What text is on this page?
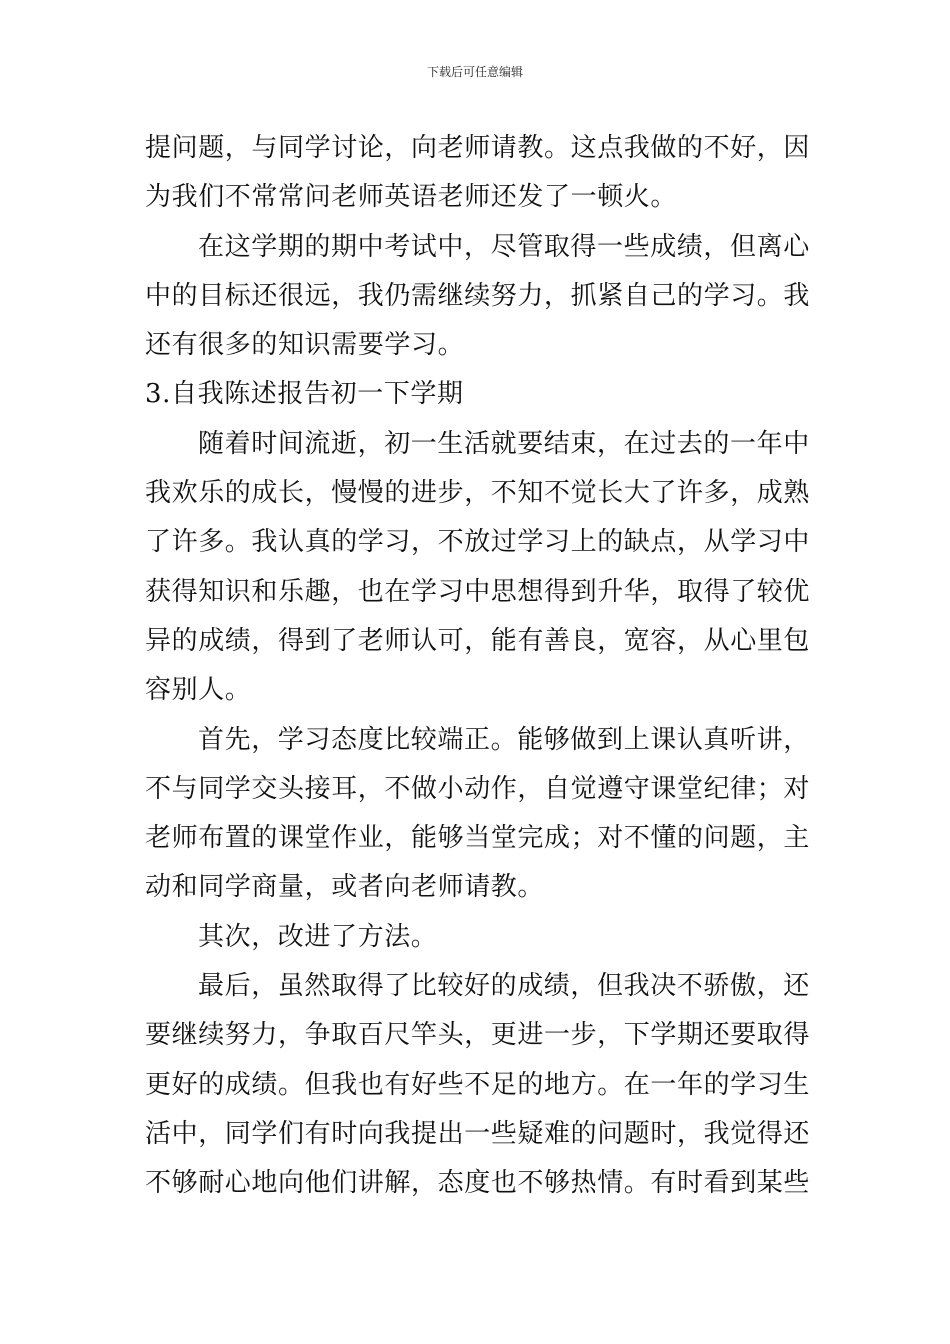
下载后可任意编辑
提问题，与同学讨论，向老师请教。这点我做的不好，因
为我们不常常问老师英语老师还发了一顿火。
在这学期的期中考试中，尽管取得一些成绩，但离心
中的目标还很远，我仍需继续努力，抓紧自己的学习。我
还有很多的知识需要学习。
3.自我陈述报告初一下学期
随着时间流逝，初一生活就要结束，在过去的一年中
我欢乐的成长，慢慢的进步，不知不觉长大了许多，成熟
了许多。我认真的学习，不放过学习上的缺点，从学习中
获得知识和乐趣，也在学习中思想得到升华，取得了较优
异的成绩，得到了老师认可，能有善良，宽容，从心里包
容别人。
首先，学习态度比较端正。能够做到上课认真听讲，
不与同学交头接耳，不做小动作，自觉遵守课堂纪律；对
老师布置的课堂作业，能够当堂完成；对不懂的问题，主
动和同学商量，或者向老师请教。
其次，改进了方法。
最后，虽然取得了比较好的成绩，但我决不骄傲，还
要继续努力，争取百尺竿头，更进一步，下学期还要取得
更好的成绩。但我也有好些不足的地方。在一年的学习生
活中，同学们有时向我提出一些疑难的问题时，我觉得还
不够耐心地向他们讲解，态度也不够热情。有时看到某些
